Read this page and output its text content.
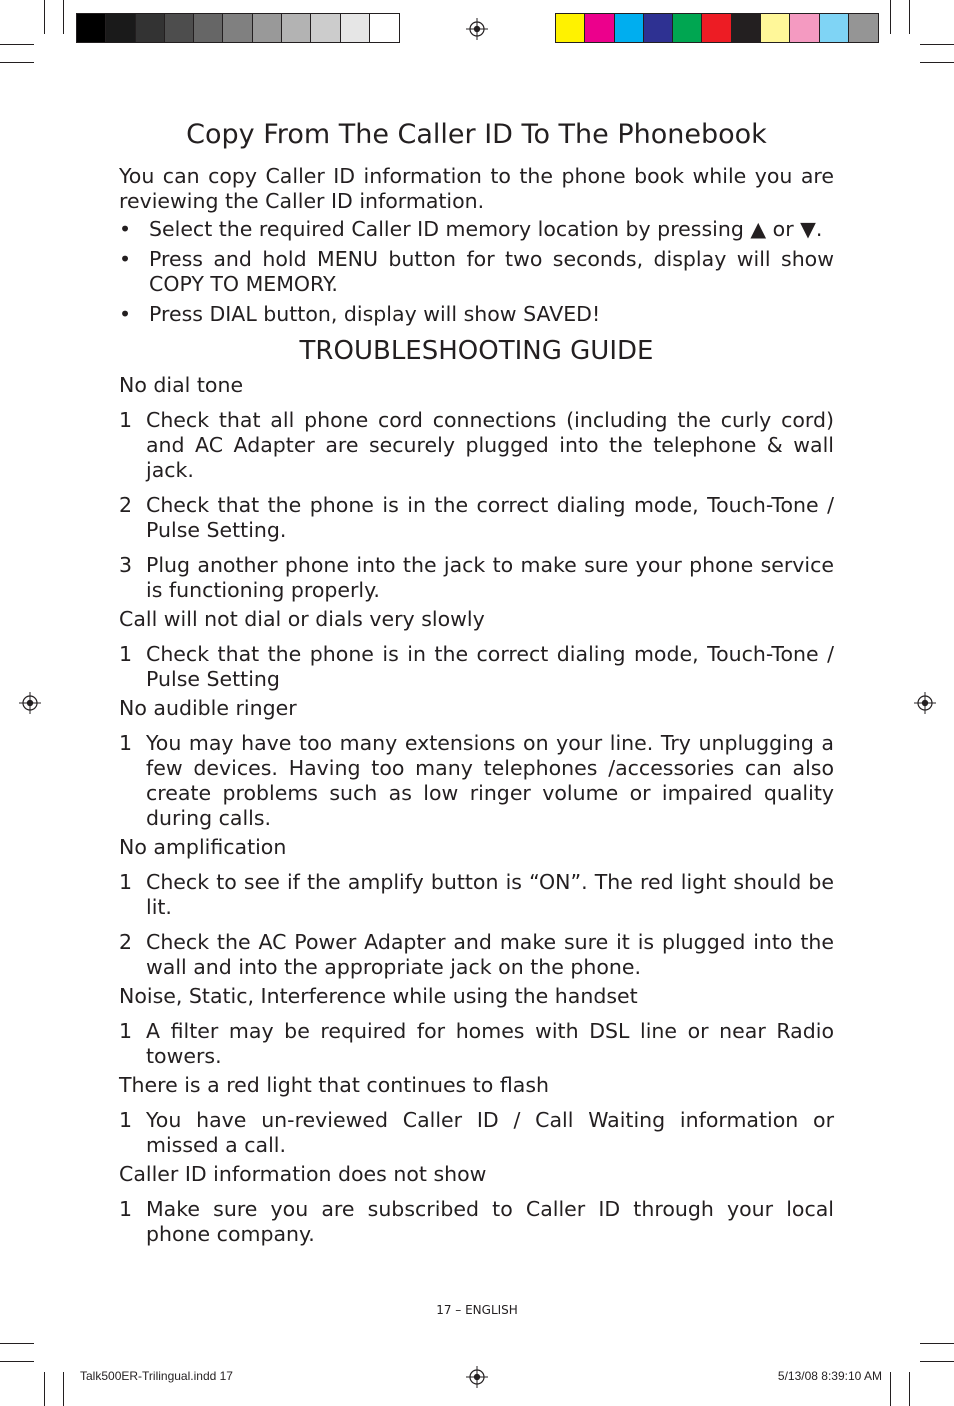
Copy From The Caller ID To The Phonebook

You can copy Caller ID information to the phone book while you are reviewing the Caller ID information.

• Select the required Caller ID memory location by pressing ▲ or ▼.
• Press and hold MENU button for two seconds, display will show COPY TO MEMORY.
• Press DIAL button, display will show SAVED!
TROUBLESHOOTING GUIDE

No dial tone

1 Check that all phone cord connections (including the curly cord) and AC Adapter are securely plugged into the telephone & wall jack.
2 Check that the phone is in the correct dialing mode, Touch-Tone / Pulse Setting.
3 Plug another phone into the jack to make sure your phone service is functioning properly.

Call will not dial or dials very slowly

1 Check that the phone is in the correct dialing mode, Touch-Tone / Pulse Setting

No audible ringer

1 You may have too many extensions on your line. Try unplugging a few devices. Having too many telephones /accessories can also create problems such as low ringer volume or impaired quality during calls.

No amplification

1 Check to see if the amplify button is “ON”. The red light should be lit.
2 Check the AC Power Adapter and make sure it is plugged into the wall and into the appropriate jack on the phone.

Noise, Static, Interference while using the handset

1 A filter may be required for homes with DSL line or near Radio towers.

There is a red light that continues to flash

1 You have un-reviewed Caller ID / Call Waiting information or missed a call.

Caller ID information does not show

1 Make sure you are subscribed to Caller ID through your local phone company.
17 – ENGLISH
Talk500ER-Trilingual.indd 17	5/13/08 8:39:10 AM
